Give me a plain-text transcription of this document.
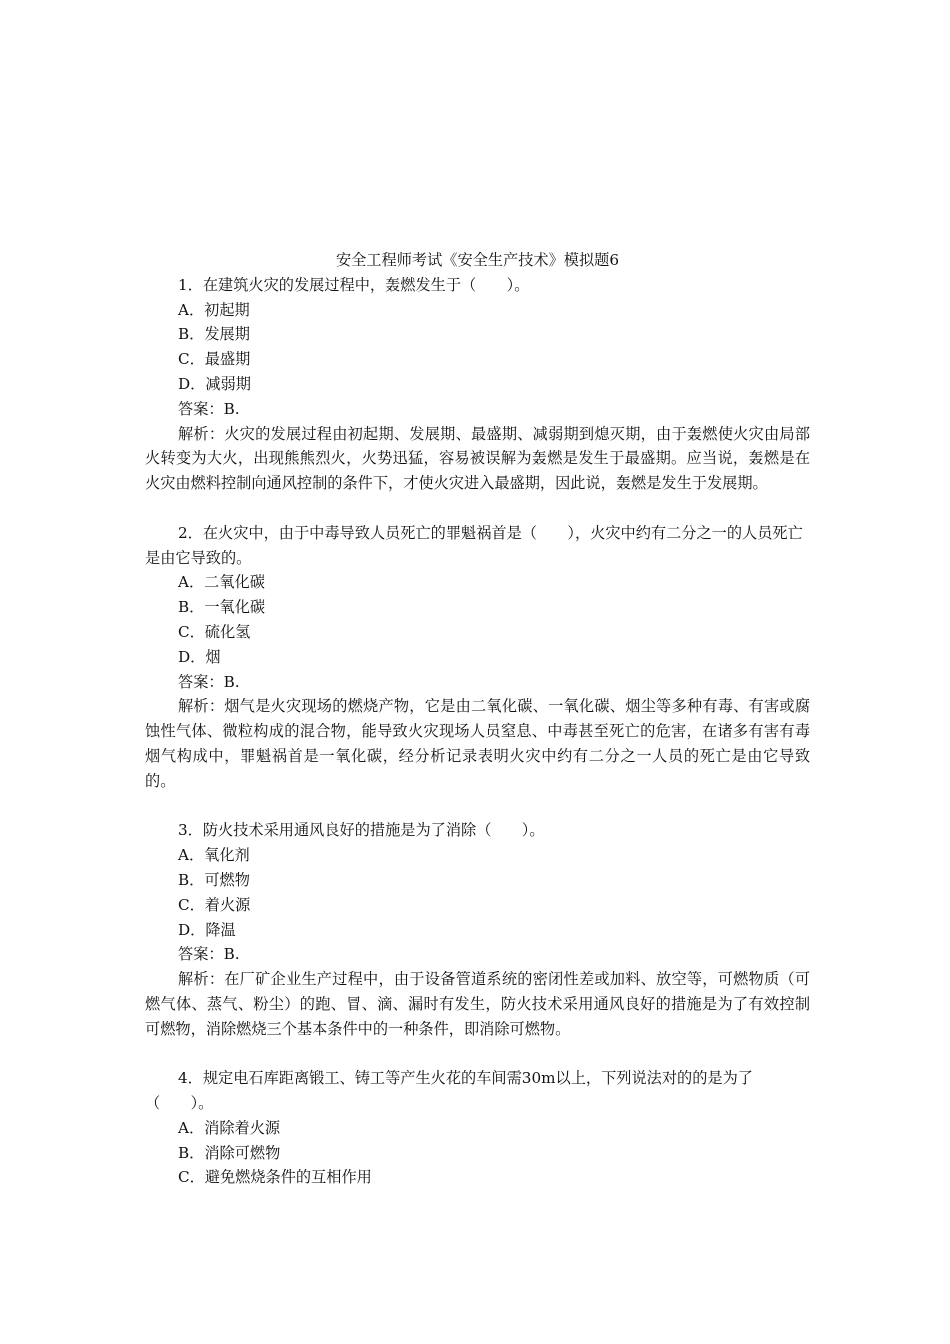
安全工程师考试《安全生产技术》模拟题6

1．在建筑火灾的发展过程中，轰燃发生于（　　）。

A．初起期

B．发展期

C．最盛期

D．减弱期

答案：B.

解析：火灾的发展过程由初起期、发展期、最盛期、减弱期到熄灭期，由于轰燃使火灾由局部火转变为大火，出现熊熊烈火，火势迅猛，容易被误解为轰燃是发生于最盛期。应当说，轰燃是在火灾由燃料控制向通风控制的条件下，才使火灾进入最盛期，因此说，轰燃是发生于发展期。

2．在火灾中，由于中毒导致人员死亡的罪魁祸首是（　　），火灾中约有二分之一的人员死亡是由它导致的。

A．二氧化碳

B．一氧化碳

C．硫化氢

D．烟

答案：B.

解析：烟气是火灾现场的燃烧产物，它是由二氧化碳、一氧化碳、烟尘等多种有毒、有害或腐蚀性气体、微粒构成的混合物，能导致火灾现场人员窒息、中毒甚至死亡的危害，在诸多有害有毒烟气构成中，罪魁祸首是一氧化碳，经分析记录表明火灾中约有二分之一人员的死亡是由它导致的。

3．防火技术采用通风良好的措施是为了消除（　　）。

A．氧化剂

B．可燃物

C．着火源

D．降温

答案：B.

解析：在厂矿企业生产过程中，由于设备管道系统的密闭性差或加料、放空等，可燃物质（可燃气体、蒸气、粉尘）的跑、冒、滴、漏时有发生，防火技术采用通风良好的措施是为了有效控制可燃物，消除燃烧三个基本条件中的一种条件，即消除可燃物。

4．规定电石库距离锻工、铸工等产生火花的车间需30m以上，下列说法对的的是为了（　　）。

A．消除着火源

B．消除可燃物

C．避免燃烧条件的互相作用
